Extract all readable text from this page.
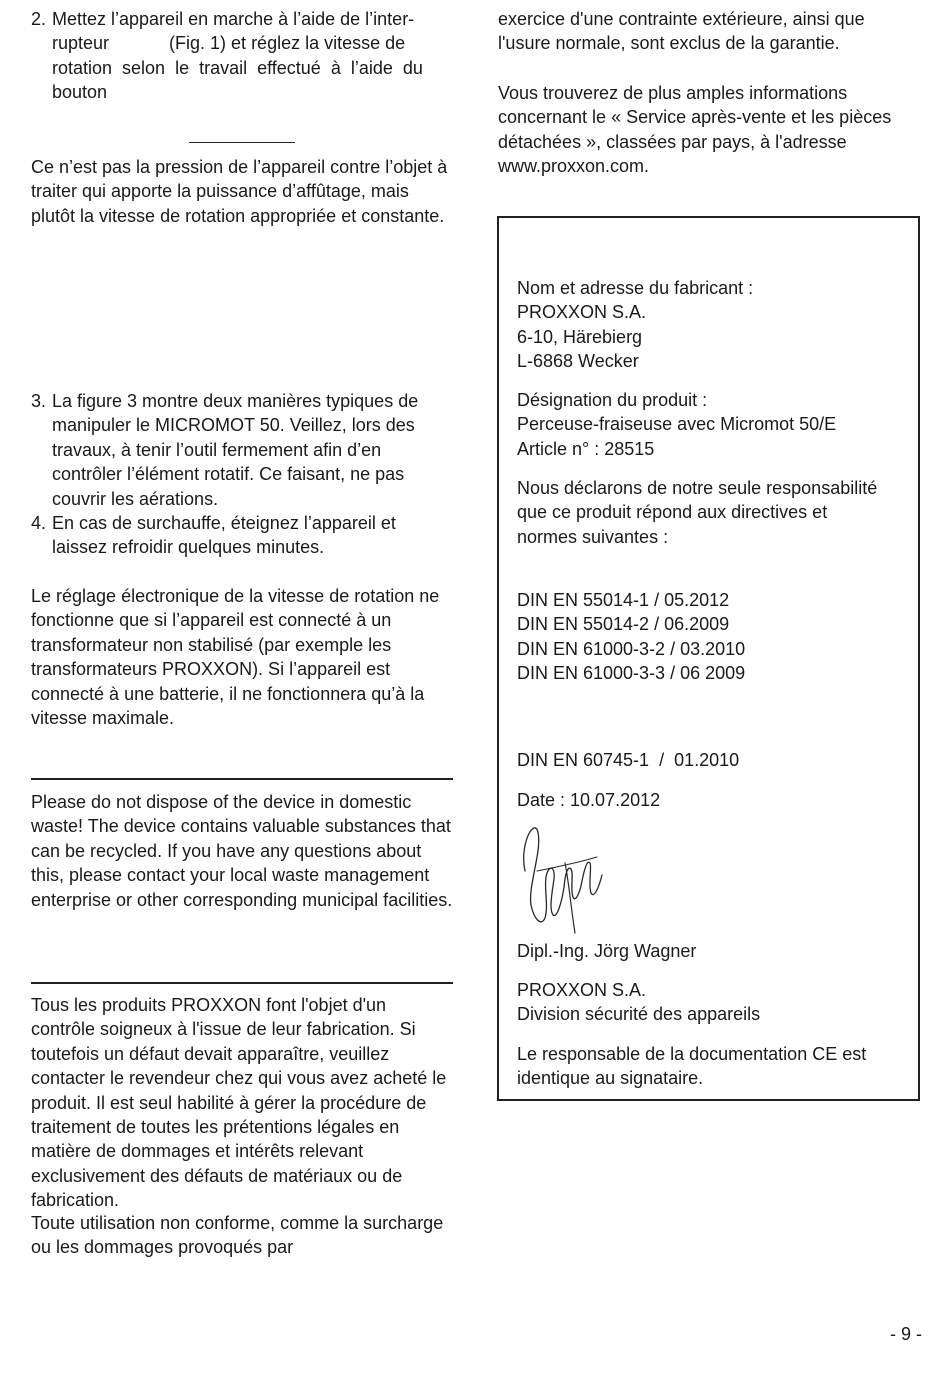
2. Mettez l’appareil en marche à l’aide de l’inter-
rupteur            (Fig. 1) et réglez la vitesse de
rotation selon le travail effectué à l’aide du
bouton

Ce n’est pas la pression de l’appareil contre l’objet à traiter qui apporte la puissance d’affûtage, mais plutôt la vitesse de rotation appropriée et constante.

3. La figure 3 montre deux manières typiques de manipuler le MICROMOT 50. Veillez, lors des travaux, à tenir l’outil fermement afin d’en contrôler l’élément rotatif. Ce faisant, ne pas couvrir les aérations.
4. En cas de surchauffe, éteignez l’appareil et laissez refroidir quelques minutes.

Le réglage électronique de la vitesse de rotation ne fonctionne que si l’appareil est connecté à un transformateur non stabilisé (par exemple les transformateurs PROXXON). Si l’appareil est connecté à une batterie, il ne fonctionnera qu’à la vitesse maximale.

Please do not dispose of the device in domestic waste! The device contains valuable substances that can be recycled. If you have any questions about this, please contact your local waste management enterprise or other corresponding municipal facilities.

Tous les produits PROXXON font l'objet d'un contrôle soigneux à l'issue de leur fabrication. Si toutefois un défaut devait apparaître, veuillez contacter le revendeur chez qui vous avez acheté le produit. Il est seul habilité à gérer la procédure de traitement de toutes les prétentions légales en matière de dommages et intérêts relevant exclusivement des défauts de matériaux ou de fabrication.

Toute utilisation non conforme, comme la surcharge ou les dommages provoqués par

exercice d'une contrainte extérieure, ainsi que l'usure normale, sont exclus de la garantie.

Vous trouverez de plus amples informations concernant le « Service après-vente et les pièces détachées », classées par pays, à l'adresse www.proxxon.com.

Nom et adresse du fabricant :
PROXXON S.A.
6-10, Härebierg
L-6868 Wecker
Désignation du produit :
Perceuse-fraiseuse avec Micromot 50/E
Article n° : 28515

Nous déclarons de notre seule responsabilité que ce produit répond aux directives et normes suivantes :

DIN EN 55014-1 / 05.2012
DIN EN 55014-2 / 06.2009
DIN EN 61000-3-2 / 03.2010
DIN EN 61000-3-3 / 06 2009
DIN EN 60745-1  /  01.2010
Date : 10.07.2012
Dipl.-Ing. Jörg Wagner
PROXXON S.A.
Division sécurité des appareils

Le responsable de la documentation CE est identique au signataire.

- 9 -
